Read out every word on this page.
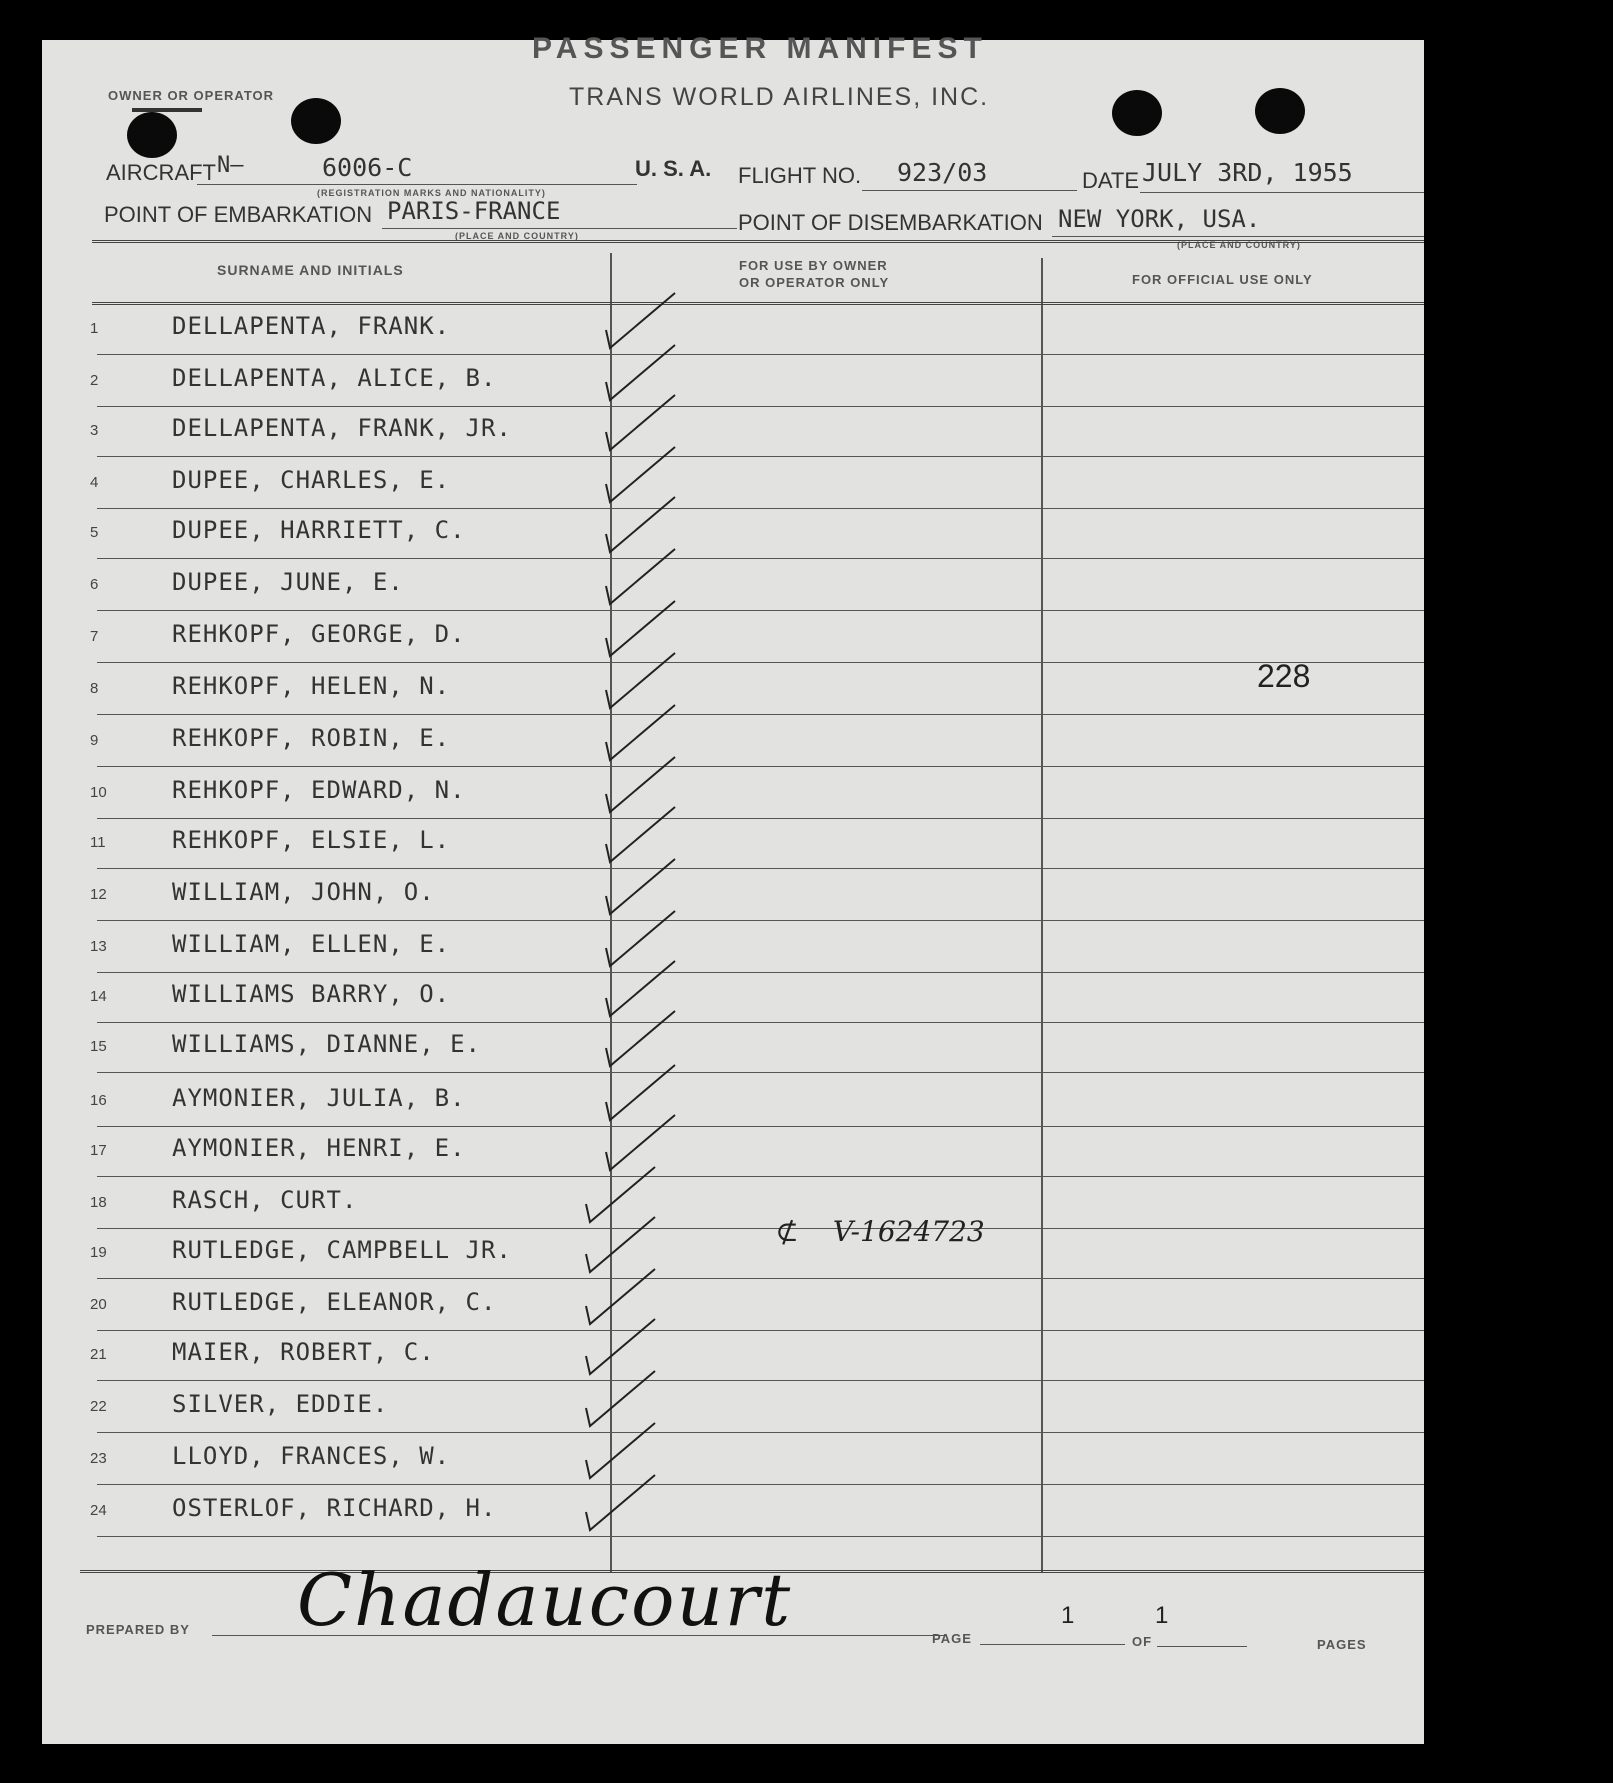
PASSENGER MANIFEST
OWNER OR OPERATOR	TRANS WORLD AIRLINES, INC.
AIRCRAFT N—	6006-C
(REGISTRATION MARKS AND NATIONALITY)
U. S. A. FLIGHT NO. 923/03	DATE JULY 3RD, 1955
POINT OF EMBARKATION PARIS-FRANCE
(PLACE AND COUNTRY)
POINT OF DISEMBARKATION NEW YORK, USA.
(PLACE AND COUNTRY)
SURNAME AND INITIALS	FOR USE BY OWNER
OR OPERATOR ONLY	FOR OFFICIAL USE ONLY
1	DELLAPENTA, FRANK.
2	DELLAPENTA, ALICE, B.
3	DELLAPENTA, FRANK, JR.
4	DUPEE, CHARLES, E.
5	DUPEE, HARRIETT, C.
6	DUPEE, JUNE, E.
7	REHKOPF, GEORGE, D.
8	REHKOPF, HELEN, N.
9	REHKOPF, ROBIN, E.
10	REHKOPF, EDWARD, N.
11	REHKOPF, ELSIE, L.
12	WILLIAM, JOHN, O.
13	WILLIAM, ELLEN, E.
14	WILLIAMS BARRY, O.
15	WILLIAMS, DIANNE, E.
16	AYMONIER, JULIA, B.
17	AYMONIER, HENRI, E.
18	RASCH, CURT.
19	RUTLEDGE, CAMPBELL JR.
20	RUTLEDGE, ELEANOR, C.
21	MAIER, ROBERT, C.
22	SILVER, EDDIE.
23	LLOYD, FRANCES, W.
24	OSTERLOF, RICHARD, H.
228
⊄ V-1624723
PREPARED BY Chadaucourt	PAGE
1
OF
1
PAGES
